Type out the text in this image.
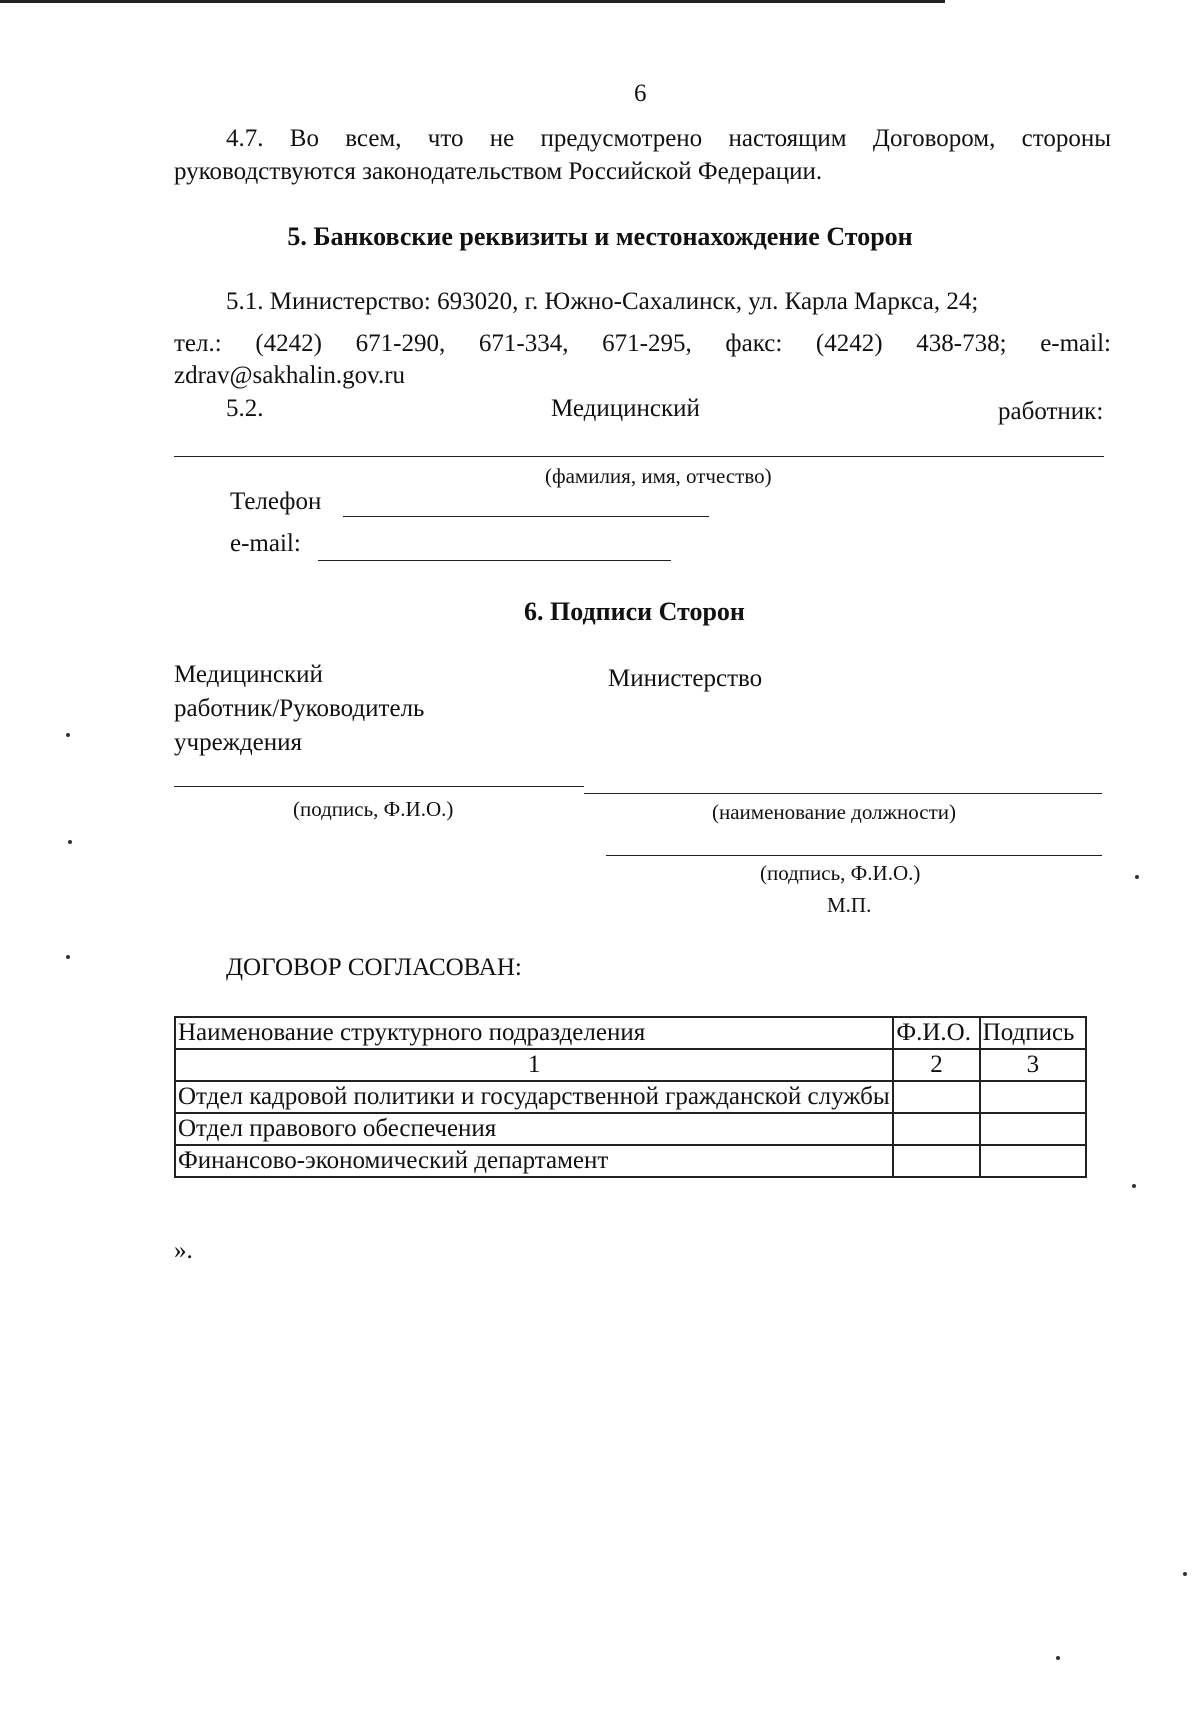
6
4.7. Во всем, что не предусмотрено настоящим Договором, стороны
руководствуются законодательством Российской Федерации.
5. Банковские реквизиты и местонахождение Сторон
5.1. Министерство: 693020, г. Южно-Сахалинск, ул. Карла Маркса, 24;
тел.: (4242) 671-290, 671-334, 671-295, факс: (4242) 438-738; e-mail:
zdrav@sakhalin.gov.ru
5.2.	Медицинский	работник:
(фамилия, имя, отчество)
Телефон
e-mail:
6. Подписи Сторон
Медицинский
работник/Руководитель
учреждения
Министерство
(подпись, Ф.И.О.)	(наименование должности)
(подпись, Ф.И.О.)
М.П.
ДОГОВОР СОГЛАСОВАН:
Наименование структурного подразделения	Ф.И.О.	Подпись
1	2	3
Отдел кадровой политики и государственной гражданской службы		
Отдел правового обеспечения		
Финансово-экономический департамент		
».
